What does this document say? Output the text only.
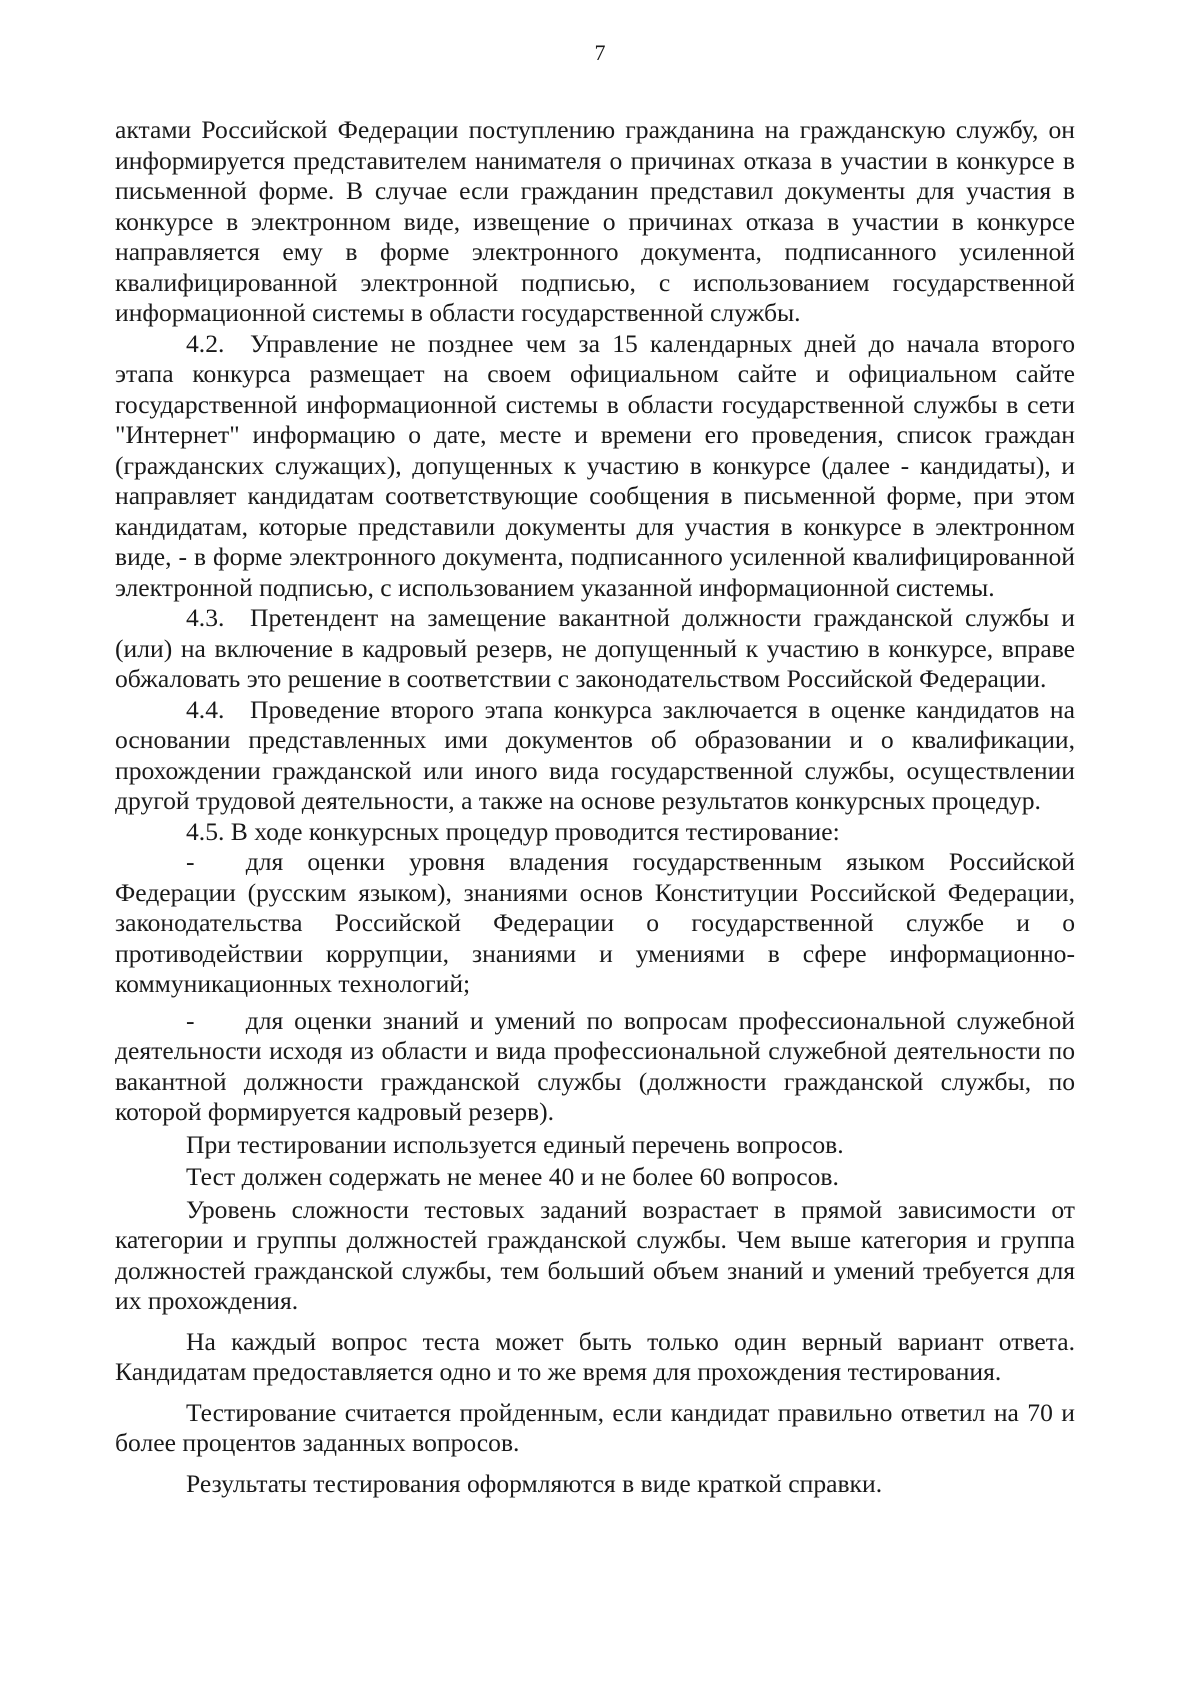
7

актами Российской Федерации поступлению гражданина на гражданскую службу, он информируется представителем нанимателя о причинах отказа в участии в конкурсе в письменной форме. В случае если гражданин представил документы для участия в конкурсе в электронном виде, извещение о причинах отказа в участии в конкурсе направляется ему в форме электронного документа, подписанного усиленной квалифицированной электронной подписью, с использованием государственной информационной системы в области государственной службы.

4.2. Управление не позднее чем за 15 календарных дней до начала второго этапа конкурса размещает на своем официальном сайте и официальном сайте государственной информационной системы в области государственной службы в сети "Интернет" информацию о дате, месте и времени его проведения, список граждан (гражданских служащих), допущенных к участию в конкурсе (далее - кандидаты), и направляет кандидатам соответствующие сообщения в письменной форме, при этом кандидатам, которые представили документы для участия в конкурсе в электронном виде, - в форме электронного документа, подписанного усиленной квалифицированной электронной подписью, с использованием указанной информационной системы.

4.3. Претендент на замещение вакантной должности гражданской службы и (или) на включение в кадровый резерв, не допущенный к участию в конкурсе, вправе обжаловать это решение в соответствии с законодательством Российской Федерации.

4.4. Проведение второго этапа конкурса заключается в оценке кандидатов на основании представленных ими документов об образовании и о квалификации, прохождении гражданской или иного вида государственной службы, осуществлении другой трудовой деятельности, а также на основе результатов конкурсных процедур.

4.5. В ходе конкурсных процедур проводится тестирование:

-  для оценки уровня владения государственным языком Российской Федерации (русским языком), знаниями основ Конституции Российской Федерации, законодательства Российской Федерации о государственной службе и о противодействии коррупции, знаниями и умениями в сфере информационно-коммуникационных технологий;

-  для оценки знаний и умений по вопросам профессиональной служебной деятельности исходя из области и вида профессиональной служебной деятельности по вакантной должности гражданской службы (должности гражданской службы, по которой формируется кадровый резерв).

При тестировании используется единый перечень вопросов.

Тест должен содержать не менее 40 и не более 60 вопросов.

Уровень сложности тестовых заданий возрастает в прямой зависимости от категории и группы должностей гражданской службы. Чем выше категория и группа должностей гражданской службы, тем больший объем знаний и умений требуется для их прохождения.

На каждый вопрос теста может быть только один верный вариант ответа. Кандидатам предоставляется одно и то же время для прохождения тестирования.

Тестирование считается пройденным, если кандидат правильно ответил на 70 и более процентов заданных вопросов.

Результаты тестирования оформляются в виде краткой справки.
